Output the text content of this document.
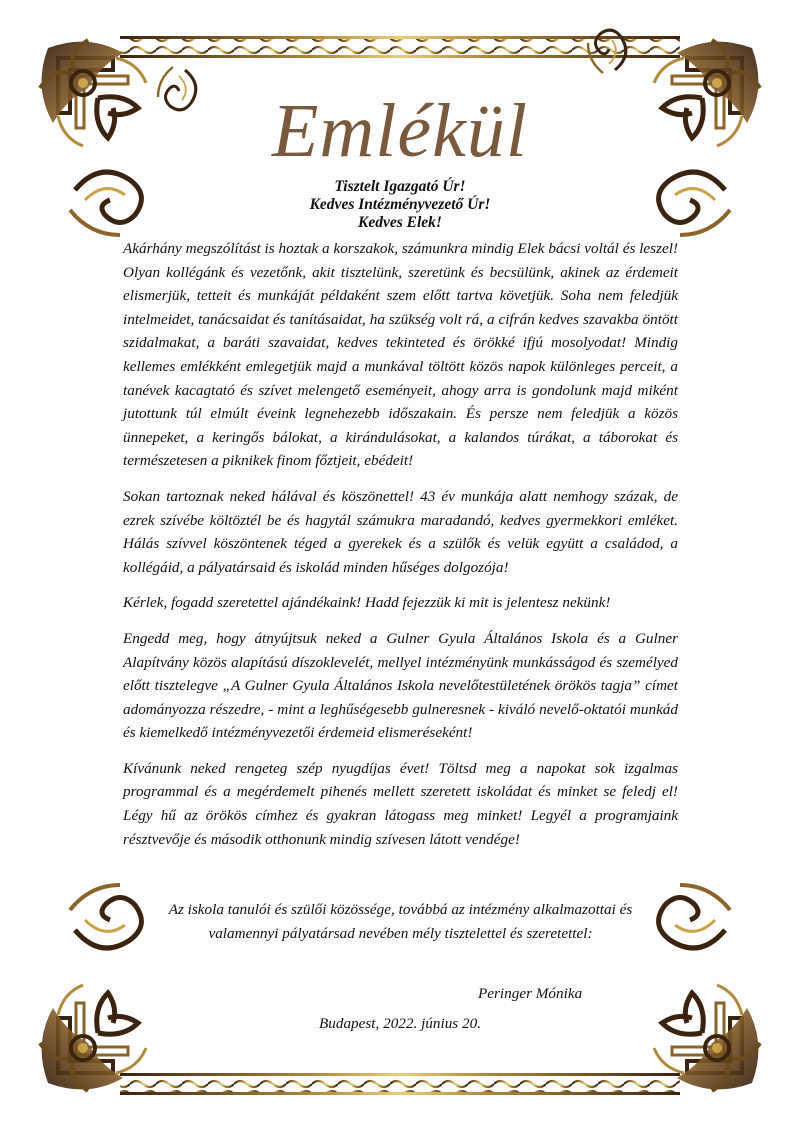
Emlékül
Tisztelt Igazgató Úr!
Kedves Intézményvezető Úr!
Kedves Elek!

Akárhány megszólítást is hoztak a korszakok, számunkra mindig Elek bácsi voltál és leszel! Olyan kollégánk és vezetőnk, akit tisztelünk, szeretünk és becsülünk, akinek az érdemeit elismerjük, tetteit és munkáját példaként szem előtt tartva követjük. Soha nem feledjük intelmeidet, tanácsaidat és tanításaidat, ha szükség volt rá, a cifrán kedves szavakba öntött szidalmakat, a baráti szavaidat, kedves tekinteted és örökké ifjú mosolyodat! Mindig kellemes emlékként emlegetjük majd a munkával töltött közös napok különleges perceit, a tanévek kacagtató és szívet melengető eseményeit, ahogy arra is gondolunk majd miként jutottunk túl elmúlt éveink legnehezebb időszakain. És persze nem feledjük a közös ünnepeket, a keringős bálokat, a kirándulásokat, a kalandos túrákat, a táborokat és természetesen a piknikek finom főztjeit, ebédeit!

Sokan tartoznak neked hálával és köszönettel! 43 év munkája alatt nemhogy százak, de ezrek szívébe költöztél be és hagytál számukra maradandó, kedves gyermekkori emléket. Hálás szívvel köszöntenek téged a gyerekek és a szülők és velük együtt a családod, a kollégáid, a pályatársaid és iskolád minden hűséges dolgozója!

Kérlek, fogadd szeretettel ajándékaink! Hadd fejezzük ki mit is jelentesz nekünk!

Engedd meg, hogy átnyújtsuk neked a Gulner Gyula Általános Iskola és a Gulner Alapítvány közös alapítású díszoklevelét, mellyel intézményünk munkásságod és személyed előtt tisztelegve „A Gulner Gyula Általános Iskola nevelőtestületének örökös tagja” címet adományozza részedre, - mint a leghűségesebb gulneresnek - kiváló nevelő-oktatói munkád és kiemelkedő intézményvezetői érdemeid elismeréseként!

Kívánunk neked rengeteg szép nyugdíjas évet! Töltsd meg a napokat sok izgalmas programmal és a megérdemelt pihenés mellett szeretett iskoládat és minket se feledj el! Légy hű az örökös címhez és gyakran látogass meg minket! Legyél a programjaink résztvevője és második otthonunk mindig szívesen látott vendége!

Az iskola tanulói és szülői közössége, továbbá az intézmény alkalmazottai és
valamennyi pályatársad nevében mély tisztelettel és szeretettel:
Peringer Mónika
Budapest, 2022. június 20.
